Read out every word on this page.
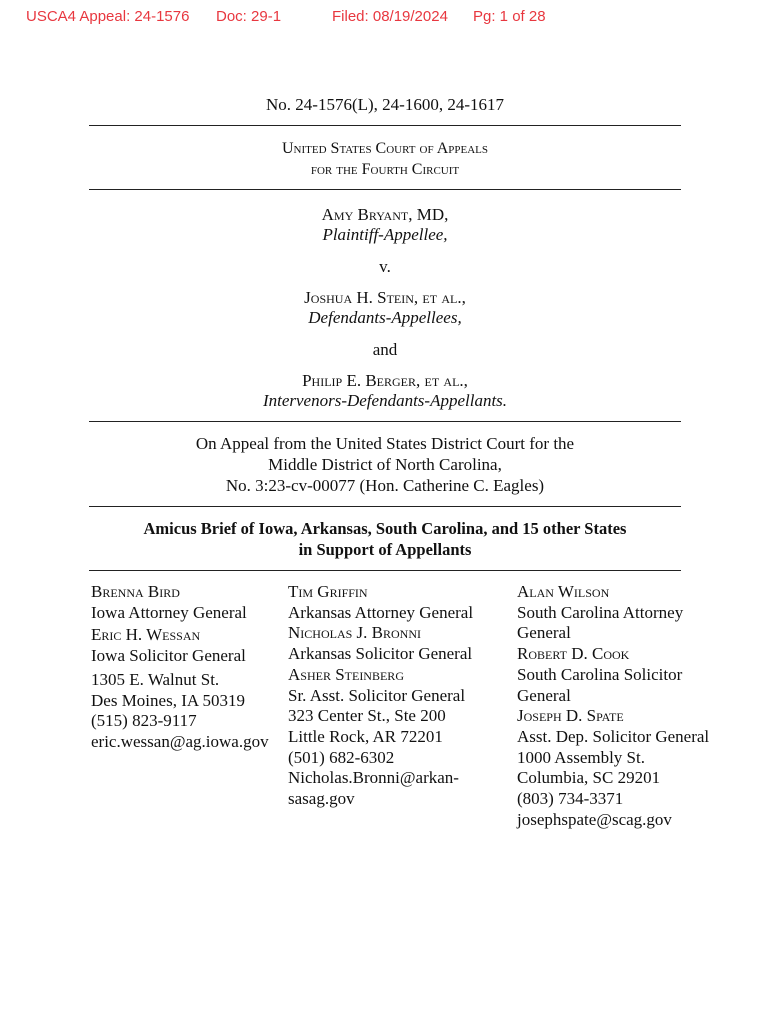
USCA4 Appeal: 24-1576 Doc: 29-1	Filed: 08/19/2024 Pg: 1 of 28
No. 24-1576(L), 24-1600, 24-1617
United States Court of Appeals
for the Fourth Circuit
Amy Bryant, MD,
Plaintiff-Appellee,
v.
Joshua H. Stein, et al.,
Defendants-Appellees,
and
Philip E. Berger, et al.,
Intervenors-Defendants-Appellants.
On Appeal from the United States District Court for the
Middle District of North Carolina,
No. 3:23-cv-00077 (Hon. Catherine C. Eagles)
Amicus Brief of Iowa, Arkansas, South Carolina, and 15 other States
in Support of Appellants
Brenna Bird
Iowa Attorney General
Eric H. Wessan
Iowa Solicitor General
1305 E. Walnut St.
Des Moines, IA 50319
(515) 823-9117
eric.wessan@ag.iowa.gov
Tim Griffin
Arkansas Attorney General
Nicholas J. Bronni
Arkansas Solicitor General
Asher Steinberg
Sr. Asst. Solicitor General
323 Center St., Ste 200
Little Rock, AR 72201
(501) 682-6302
Nicholas.Bronni@arkan-
sasag.gov
Alan Wilson
South Carolina Attorney
General
Robert D. Cook
South Carolina Solicitor
General
Joseph D. Spate
Asst. Dep. Solicitor General
1000 Assembly St.
Columbia, SC 29201
(803) 734-3371
josephspate@scag.gov
